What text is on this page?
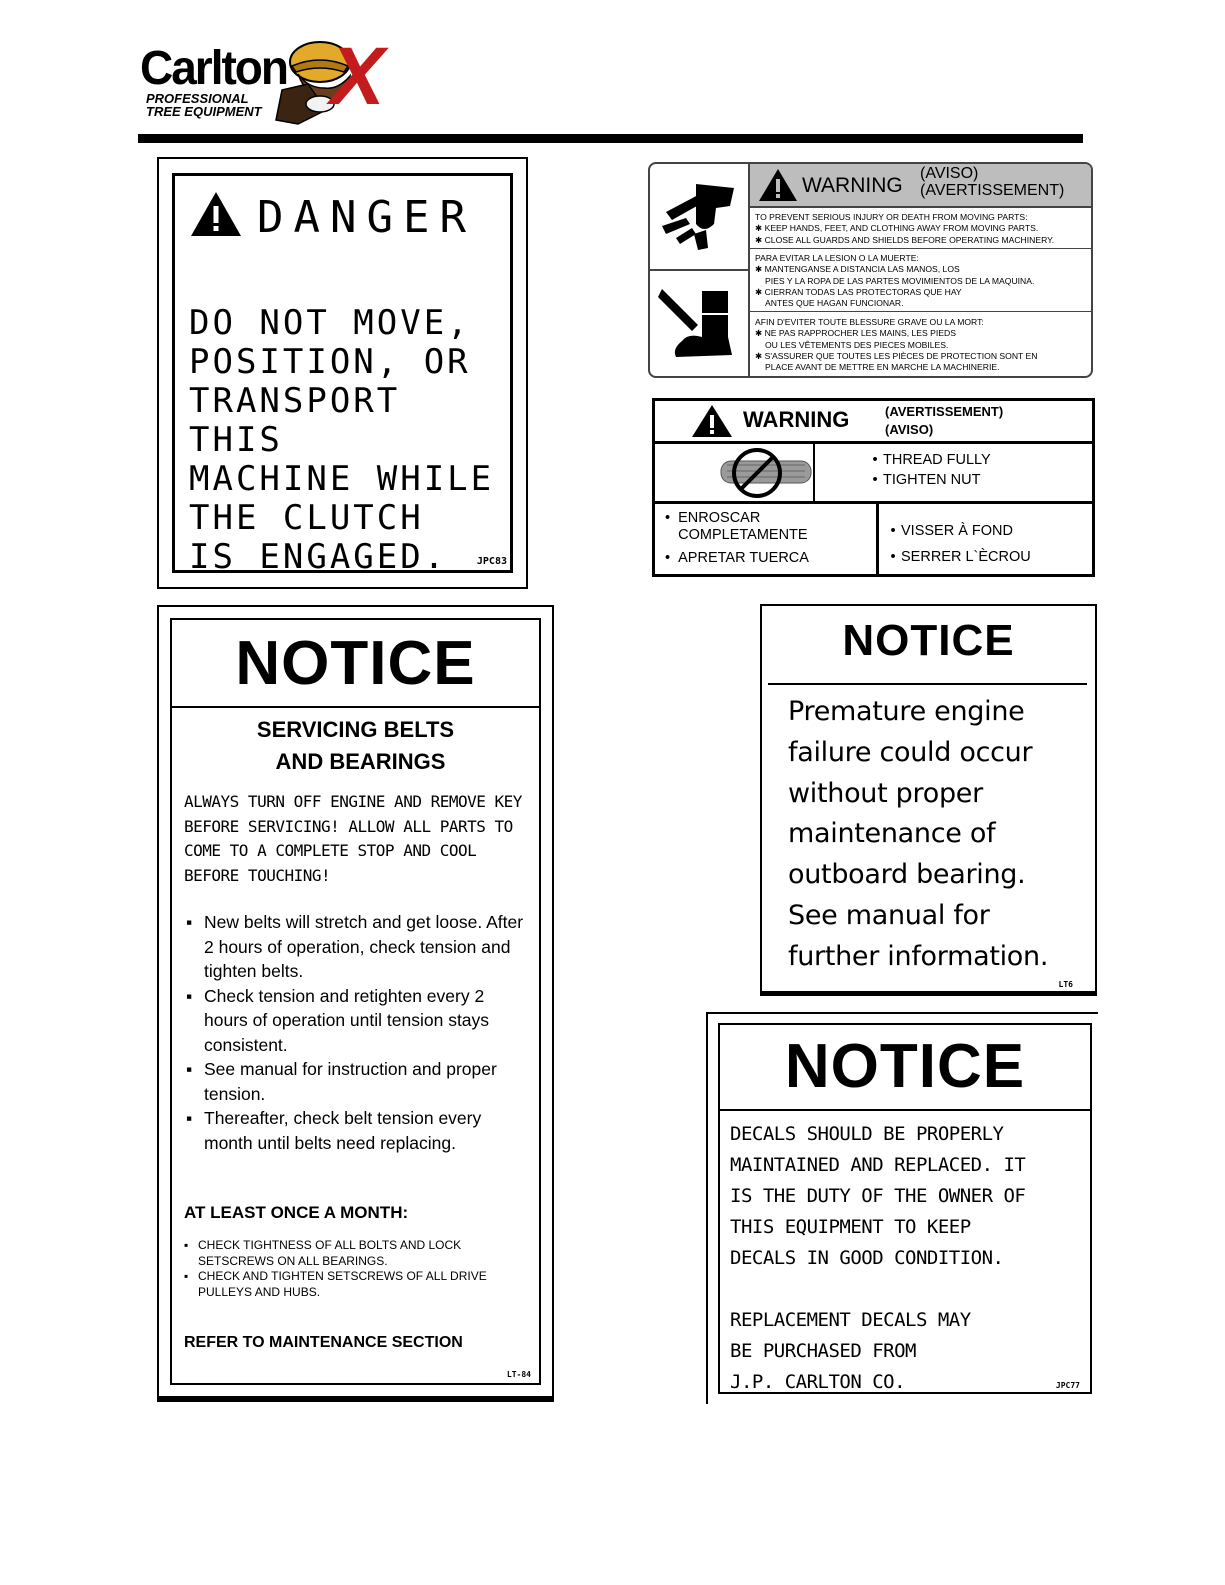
Carlton
PROFESSIONAL
TREE EQUIPMENT X
DANGER
DO NOT MOVE,
POSITION, OR
TRANSPORT THIS
MACHINE WHILE
THE CLUTCH
IS ENGAGED.	JPC83
WARNING
(AVISO)
(AVERTISSEMENT)
TO PREVENT SERIOUS INJURY OR DEATH FROM MOVING PARTS:
✱ KEEP HANDS, FEET, AND CLOTHING AWAY FROM MOVING PARTS.
✱ CLOSE ALL GUARDS AND SHIELDS BEFORE OPERATING MACHINERY.
PARA EVITAR LA LESION O LA MUERTE:
✱ MANTENGANSE A DISTANCIA LAS MANOS, LOS
PIES Y LA ROPA DE LAS PARTES MOVIMIENTOS DE LA MAQUINA.
✱ CIERRAN TODAS LAS PROTECTORAS QUE HAY
ANTES QUE HAGAN FUNCIONAR.
AFIN D'EVITER TOUTE BLESSURE GRAVE OU LA MORT:
✱ NE PAS RAPPROCHER LES MAINS, LES PIEDS
OU LES VÊTEMENTS DES PIECES MOBILES.
✱ S'ASSURER QUE TOUTES LES PIÈCES DE PROTECTION SONT EN
PLACE AVANT DE METTRE EN MARCHE LA MACHINERIE.
WARNING	(AVERTISSEMENT)
(AVISO)
• THREAD FULLY
• TIGHTEN NUT
•  ENROSCAR COMPLETAMENTE
•  APRETAR TUERCA
• VISSER À FOND
• SERRER L`ÈCROU
NOTICE
SERVICING BELTS
AND BEARINGS
ALWAYS TURN OFF ENGINE AND REMOVE KEY BEFORE SERVICING! ALLOW ALL PARTS TO COME TO A COMPLETE STOP AND COOL BEFORE TOUCHING!
▪ New belts will stretch and get loose. After 2 hours of operation, check tension and tighten belts.
▪ Check tension and retighten every 2 hours of operation until tension stays consistent.
▪ See manual for instruction and proper tension.
▪ Thereafter, check belt tension every month until belts need replacing.
AT LEAST ONCE A MONTH:
▪ CHECK TIGHTNESS OF ALL BOLTS AND LOCK SETSCREWS ON ALL BEARINGS.
▪ CHECK AND TIGHTEN SETSCREWS OF ALL DRIVE PULLEYS AND HUBS.
REFER TO MAINTENANCE SECTION
LT-84
NOTICE
Premature engine
failure could occur
without proper
maintenance of
outboard bearing.
See manual for
further information.
LT6
NOTICE
DECALS SHOULD BE PROPERLY
MAINTAINED AND REPLACED. IT
IS THE DUTY OF THE OWNER OF
THIS EQUIPMENT TO KEEP
DECALS IN GOOD CONDITION.
REPLACEMENT DECALS MAY
BE PURCHASED FROM
J.P. CARLTON CO.	JPC77
